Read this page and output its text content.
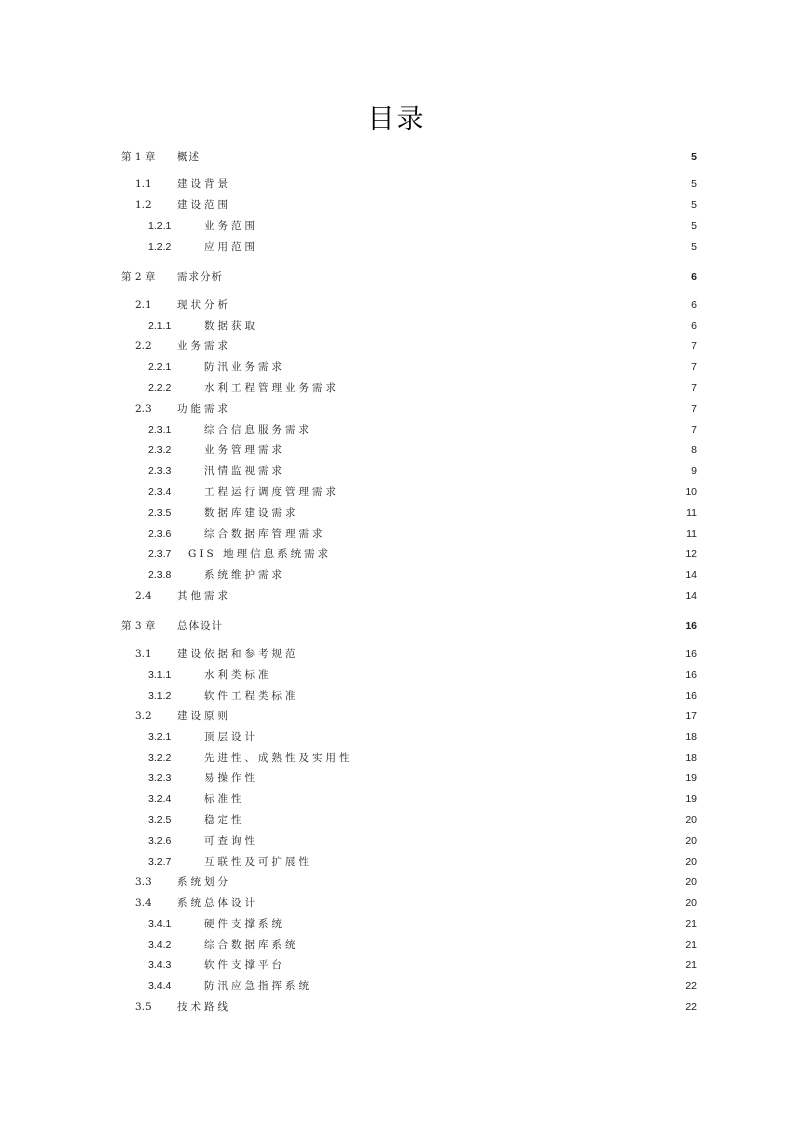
目录
第 1 章 概述	5
1.1 建设背景	5
1.2 建设范围	5
1.2.1	业务范围	5
1.2.2	应用范围	5
第 2 章 需求分析	6
2.1 现状分析	6
2.1.1	数据获取	6
2.2 业务需求	7
2.2.1	防汛业务需求	7
2.2.2	水利工程管理业务需求	7
2.3 功能需求	7
2.3.1	综合信息服务需求	7
2.3.2	业务管理需求	8
2.3.3	汛情监视需求	9
2.3.4	工程运行调度管理需求	10
2.3.5	数据库建设需求	11
2.3.6	综合数据库管理需求	11
2.3.7 GIS 地理信息系统需求	12
2.3.8	系统维护需求	14
2.4 其他需求	14
第 3 章 总体设计	16
3.1 建设依据和参考规范	16
3.1.1	水利类标准	16
3.1.2	软件工程类标准	16
3.2 建设原则	17
3.2.1	顶层设计	18
3.2.2	先进性、成熟性及实用性	18
3.2.3	易操作性	19
3.2.4	标准性	19
3.2.5	稳定性	20
3.2.6	可查询性	20
3.2.7	互联性及可扩展性	20
3.3 系统划分	20
3.4 系统总体设计	20
3.4.1	硬件支撑系统	21
3.4.2	综合数据库系统	21
3.4.3	软件支撑平台	21
3.4.4	防汛应急指挥系统	22
3.5 技术路线	22
